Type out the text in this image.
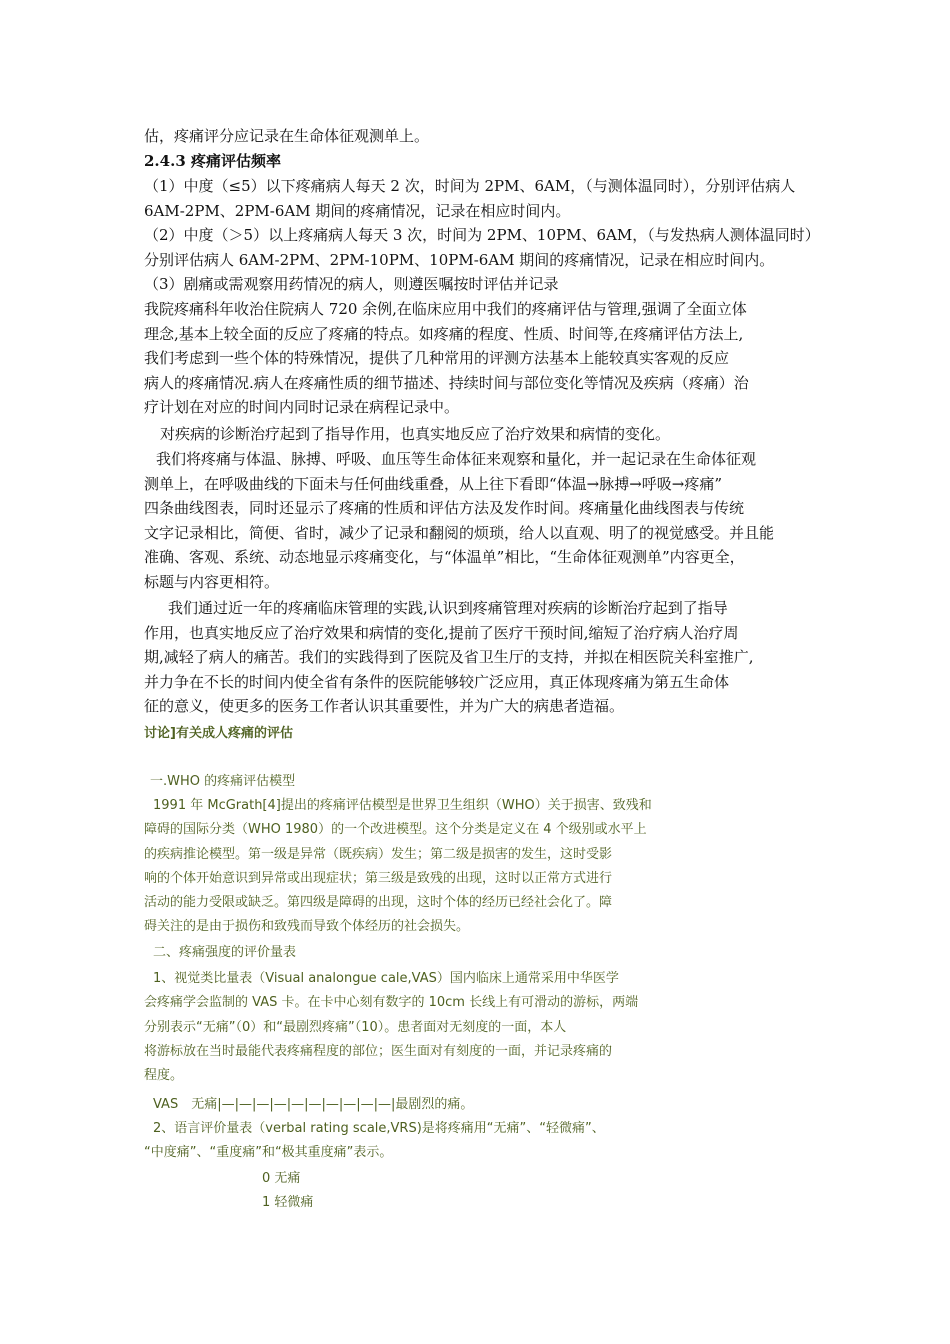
估，疼痛评分应记录在生命体征观测单上。

2.4.3 疼痛评估频率

（1）中度（≤5）以下疼痛病人每天 2 次，时间为 2PM、6AM，（与测体温同时），分别评估病人
6AM-2PM、2PM-6AM 期间的疼痛情况，记录在相应时间内。
（2）中度（＞5）以上疼痛病人每天 3 次，时间为 2PM、10PM、6AM，（与发热病人测体温同时）
分别评估病人 6AM-2PM、2PM-10PM、10PM-6AM 期间的疼痛情况，记录在相应时间内。

（3）剧痛或需观察用药情况的病人，则遵医嘱按时评估并记录

我院疼痛科年收治住院病人 720 余例,在临床应用中我们的疼痛评估与管理,强调了全面立体
理念,基本上较全面的反应了疼痛的特点。如疼痛的程度、性质、时间等,在疼痛评估方法上,
我们考虑到一些个体的特殊情况，提供了几种常用的评测方法基本上能较真实客观的反应
病人的疼痛情况.病人在疼痛性质的细节描述、持续时间与部位变化等情况及疾病（疼痛）治
疗计划在对应的时间内同时记录在病程记录中。

对疾病的诊断治疗起到了指导作用，也真实地反应了治疗效果和病情的变化。

我们将疼痛与体温、脉搏、呼吸、血压等生命体征来观察和量化，并一起记录在生命体征观
测单上，在呼吸曲线的下面未与任何曲线重叠，从上往下看即“体温→脉搏→呼吸→疼痛”
四条曲线图表，同时还显示了疼痛的性质和评估方法及发作时间。疼痛量化曲线图表与传统
文字记录相比，简便、省时，减少了记录和翻阅的烦琐，给人以直观、明了的视觉感受。并且能
准确、客观、系统、动态地显示疼痛变化，与“体温单”相比，“生命体征观测单”内容更全，
标题与内容更相符。
我们通过近一年的疼痛临床管理的实践,认识到疼痛管理对疾病的诊断治疗起到了指导
作用，也真实地反应了治疗效果和病情的变化,提前了医疗干预时间,缩短了治疗病人治疗周
期,减轻了病人的痛苦。我们的实践得到了医院及省卫生厅的支持，并拟在相医院关科室推广,
并力争在不长的时间内使全省有条件的医院能够较广泛应用，真正体现疼痛为第五生命体
征的意义，使更多的医务工作者认识其重要性，并为广大的病患者造福。

讨论]有关成人疼痛的评估

一.WHO 的疼痛评估模型

1991 年 McGrath[4]提出的疼痛评估模型是世界卫生组织（WHO）关于损害、致残和
障碍的国际分类（WHO 1980）的一个改进模型。这个分类是定义在 4 个级别或水平上
的疾病推论模型。第一级是异常（既疾病）发生；第二级是损害的发生，这时受影
响的个体开始意识到异常或出现症状；第三级是致残的出现，这时以正常方式进行
活动的能力受限或缺乏。第四级是障碍的出现，这时个体的经历已经社会化了。障
碍关注的是由于损伤和致残而导致个体经历的社会损失。

二、疼痛强度的评价量表

1、视觉类比量表（Visual analongue cale,VAS）国内临床上通常采用中华医学
会疼痛学会监制的 VAS 卡。在卡中心刻有数字的 10cm 长线上有可滑动的游标，两端
分别表示“无痛”（0）和“最剧烈疼痛”（10）。患者面对无刻度的一面，本人
将游标放在当时最能代表疼痛程度的部位；医生面对有刻度的一面，并记录疼痛的
程度。

VAS　无痛|—|—|—|—|—|—|—|—|—|—|最剧烈的痛。

2、语言评价量表（verbal rating scale,VRS)是将疼痛用“无痛”、“轻微痛”、
“中度痛”、“重度痛”和“极其重度痛”表示。
0 无痛
1 轻微痛
